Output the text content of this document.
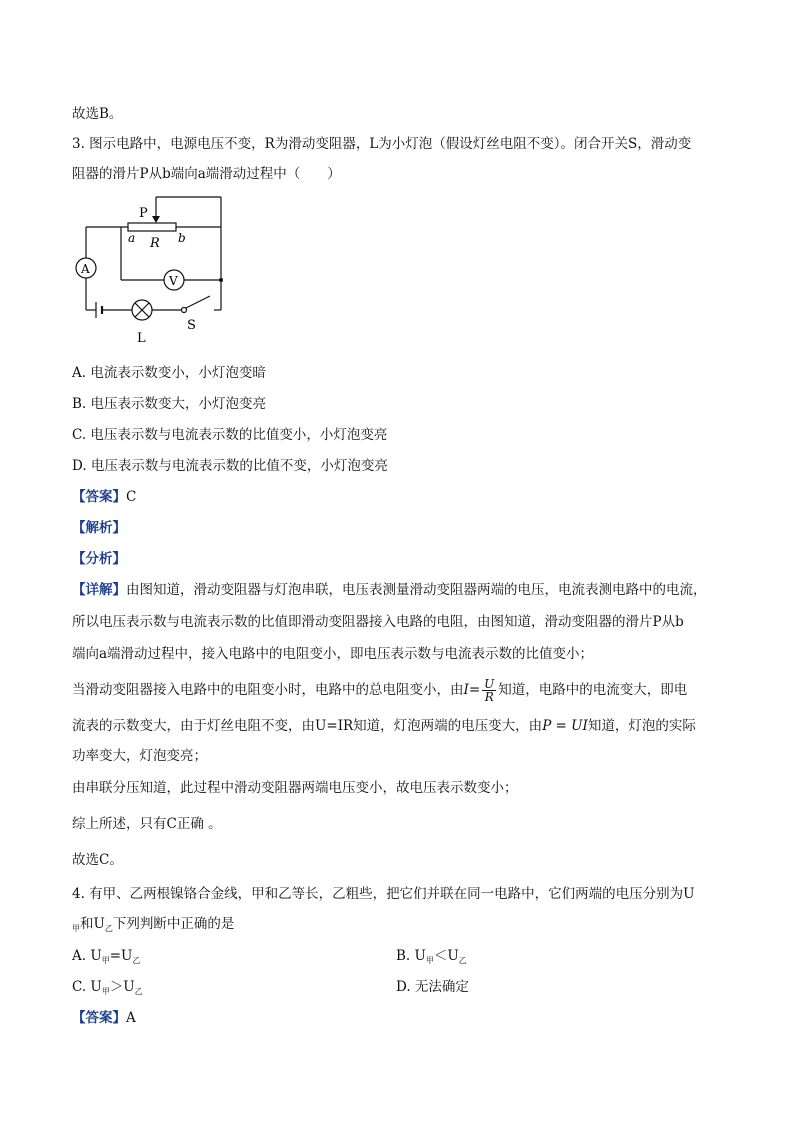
故选B。
3. 图示电路中，电源电压不变，R为滑动变阻器，L为小灯泡（假设灯丝电阻不变）。闭合开关S，滑动变
阻器的滑片P从b端向a端滑动过程中（　　）
P
R
a	b
A
V
L
S
A. 电流表示数变小，小灯泡变暗
B. 电压表示数变大，小灯泡变亮
C. 电压表示数与电流表示数的比值变小，小灯泡变亮
D. 电压表示数与电流表示数的比值不变，小灯泡变亮
【答案】C
【解析】
【分析】
【详解】由图知道，滑动变阻器与灯泡串联，电压表测量滑动变阻器两端的电压，电流表测电路中的电流，
所以电压表示数与电流表示数的比值即滑动变阻器接入电路的电阻，由图知道，滑动变阻器的滑片P从b
端向a端滑动过程中，接入电路中的电阻变小，即电压表示数与电流表示数的比值变小；
当滑动变阻器接入电路中的电阻变小时，电路中的总电阻变小，由$I= \frac{U}{R}$ 知道，电路中的电流变大，即电
流表的示数变大，由于灯丝电阻不变，由U=IR知道，灯泡两端的电压变大，由P = UI知道，灯泡的实际
功率变大，灯泡变亮；
由串联分压知道，此过程中滑动变阻器两端电压变小，故电压表示数变小；
综上所述，只有C正确 。
故选C。
4. 有甲、乙两根镍铬合金线，甲和乙等长，乙粗些，把它们并联在同一电路中，它们两端的电压分别为U
$_甲$和$U_乙$下列判断中正确的是
A. $U_甲=U_乙$	B. $U_甲<U_乙$
C. $U_甲>U_乙$	D. 无法确定
【答案】A
